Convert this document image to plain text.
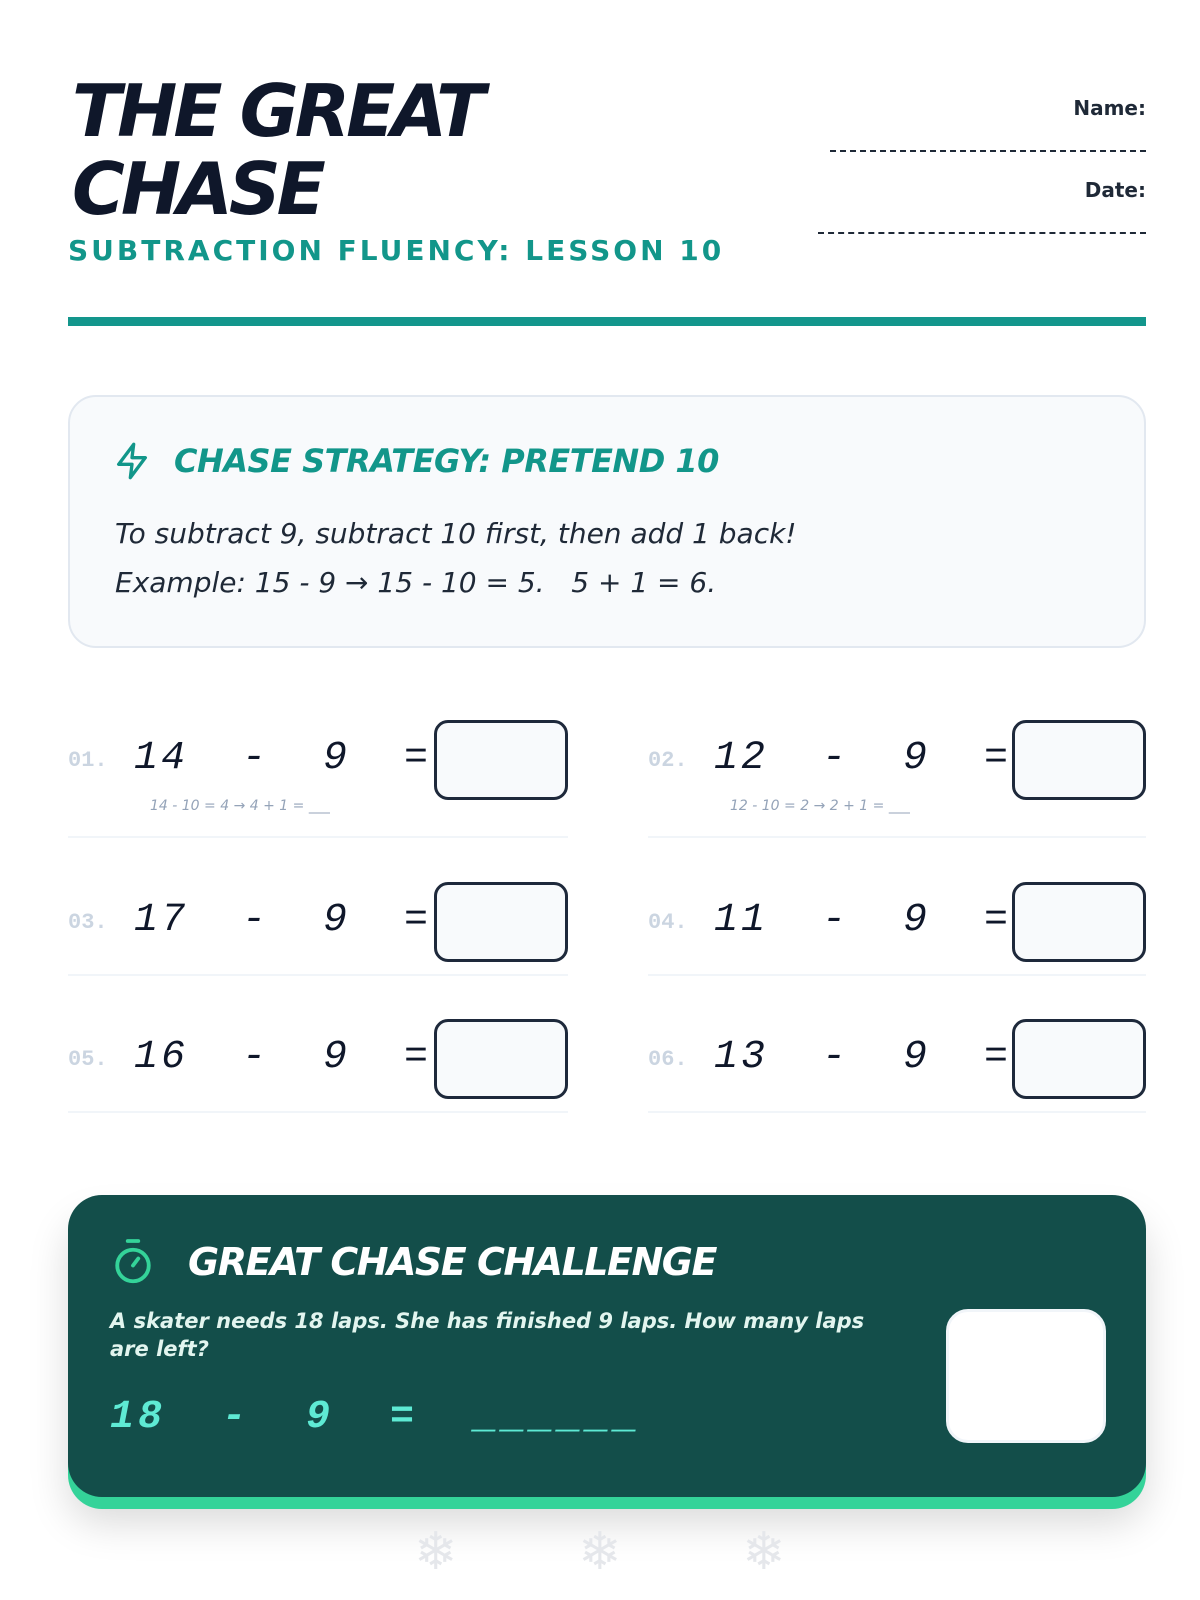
THE GREAT CHASE
SUBTRACTION FLUENCY: LESSON 10
Name:
Date:
CHASE STRATEGY: PRETEND 10
To subtract 9, subtract 10 first, then add 1 back!
Example: 15 - 9 → 15 - 10 = 5.   5 + 1 = 6.
01. 14  -  9  =
14 - 10 = 4 → 4 + 1 = ___
02. 12  -  9  =
12 - 10 = 2 → 2 + 1 = ___
03. 17  -  9  =	04. 11  -  9  =
05. 16  -  9  =	06. 13  -  9  =
GREAT CHASE CHALLENGE
A skater needs 18 laps. She has finished 9 laps. How many laps are left?
18  -  9  =  ______
❄ ❄ ❄
